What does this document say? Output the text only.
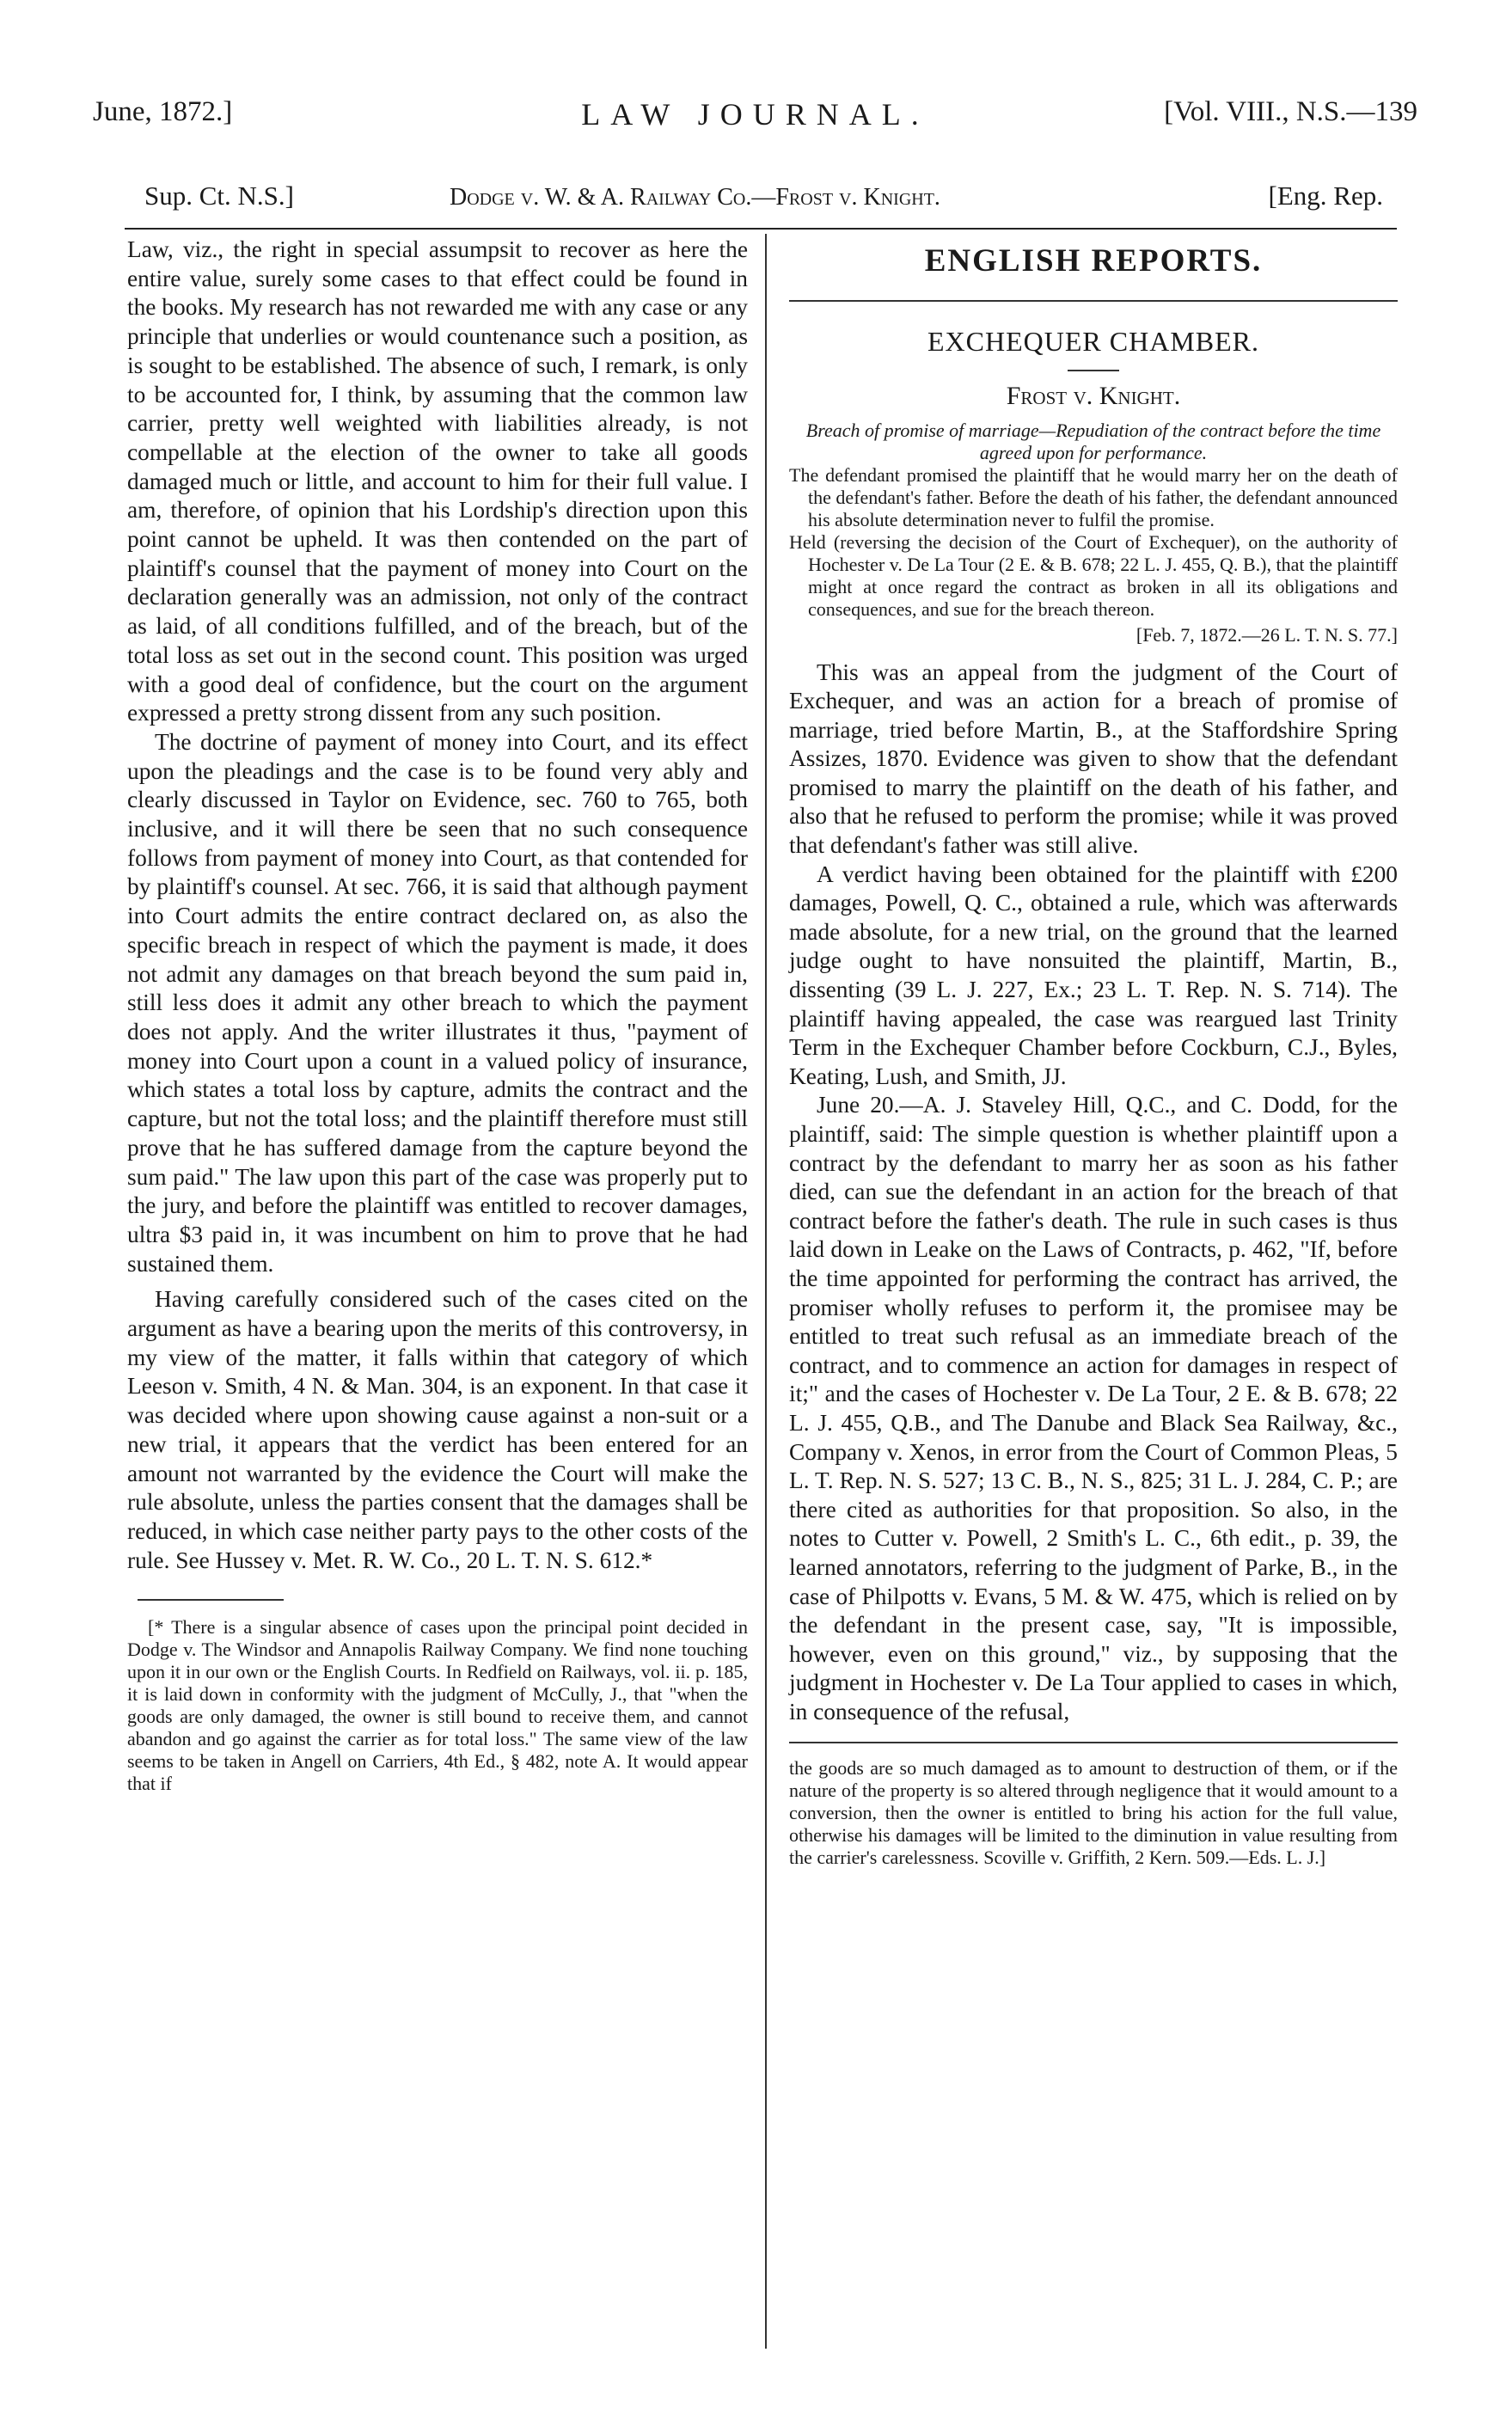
June, 1872.]	LAW JOURNAL.	[Vol. VIII., N.S.—139
Sup. Ct. N.S.]	Dodge v. W. & A. Railway Co.—Frost v. Knight.	[Eng. Rep.

Law, viz., the right in special assumpsit to recover as here the entire value, surely some cases to that effect could be found in the books. My research has not rewarded me with any case or any principle that underlies or would countenance such a position, as is sought to be established. The absence of such, I remark, is only to be accounted for, I think, by assuming that the common law carrier, pretty well weighted with liabilities already, is not compellable at the election of the owner to take all goods damaged much or little, and account to him for their full value. I am, therefore, of opinion that his Lordship's direction upon this point cannot be upheld. It was then contended on the part of plaintiff's counsel that the payment of money into Court on the declaration generally was an admission, not only of the contract as laid, of all conditions fulfilled, and of the breach, but of the total loss as set out in the second count. This position was urged with a good deal of confidence, but the court on the argument expressed a pretty strong dissent from any such position.

The doctrine of payment of money into Court, and its effect upon the pleadings and the case is to be found very ably and clearly discussed in Taylor on Evidence, sec. 760 to 765, both inclusive, and it will there be seen that no such consequence follows from payment of money into Court, as that contended for by plaintiff's counsel. At sec. 766, it is said that although payment into Court admits the entire contract declared on, as also the specific breach in respect of which the payment is made, it does not admit any damages on that breach beyond the sum paid in, still less does it admit any other breach to which the payment does not apply. And the writer illustrates it thus, "payment of money into Court upon a count in a valued policy of insurance, which states a total loss by capture, admits the contract and the capture, but not the total loss; and the plaintiff therefore must still prove that he has suffered damage from the capture beyond the sum paid." The law upon this part of the case was properly put to the jury, and before the plaintiff was entitled to recover damages, ultra $3 paid in, it was incumbent on him to prove that he had sustained them.

Having carefully considered such of the cases cited on the argument as have a bearing upon the merits of this controversy, in my view of the matter, it falls within that category of which Leeson v. Smith, 4 N. & Man. 304, is an exponent. In that case it was decided where upon showing cause against a non-suit or a new trial, it appears that the verdict has been entered for an amount not warranted by the evidence the Court will make the rule absolute, unless the parties consent that the damages shall be reduced, in which case neither party pays to the other costs of the rule. See Hussey v. Met. R. W. Co., 20 L. T. N. S. 612.*

[* There is a singular absence of cases upon the principal point decided in Dodge v. The Windsor and Annapolis Railway Company. We find none touching upon it in our own or the English Courts. In Redfield on Railways, vol. ii. p. 185, it is laid down in conformity with the judgment of McCully, J., that "when the goods are only damaged, the owner is still bound to receive them, and cannot abandon and go against the carrier as for total loss." The same view of the law seems to be taken in Angell on Carriers, 4th Ed., § 482, note A. It would appear that if

ENGLISH REPORTS.

EXCHEQUER CHAMBER.

Frost v. Knight.

Breach of promise of marriage—Repudiation of the contract before the time agreed upon for performance.

The defendant promised the plaintiff that he would marry her on the death of the defendant's father. Before the death of his father, the defendant announced his absolute determination never to fulfil the promise.

Held (reversing the decision of the Court of Exchequer), on the authority of Hochester v. De La Tour (2 E. & B. 678; 22 L. J. 455, Q. B.), that the plaintiff might at once regard the contract as broken in all its obligations and consequences, and sue for the breach thereon.

[Feb. 7, 1872.—26 L. T. N. S. 77.]

This was an appeal from the judgment of the Court of Exchequer, and was an action for a breach of promise of marriage, tried before Martin, B., at the Staffordshire Spring Assizes, 1870. Evidence was given to show that the defendant promised to marry the plaintiff on the death of his father, and also that he refused to perform the promise; while it was proved that defendant's father was still alive.

A verdict having been obtained for the plaintiff with £200 damages, Powell, Q. C., obtained a rule, which was afterwards made absolute, for a new trial, on the ground that the learned judge ought to have nonsuited the plaintiff, Martin, B., dissenting (39 L. J. 227, Ex.; 23 L. T. Rep. N. S. 714). The plaintiff having appealed, the case was reargued last Trinity Term in the Exchequer Chamber before Cockburn, C.J., Byles, Keating, Lush, and Smith, JJ.

June 20.—A. J. Staveley Hill, Q.C., and C. Dodd, for the plaintiff, said: The simple question is whether plaintiff upon a contract by the defendant to marry her as soon as his father died, can sue the defendant in an action for the breach of that contract before the father's death. The rule in such cases is thus laid down in Leake on the Laws of Contracts, p. 462, "If, before the time appointed for performing the contract has arrived, the promiser wholly refuses to perform it, the promisee may be entitled to treat such refusal as an immediate breach of the contract, and to commence an action for damages in respect of it;" and the cases of Hochester v. De La Tour, 2 E. & B. 678; 22 L. J. 455, Q.B., and The Danube and Black Sea Railway, &c., Company v. Xenos, in error from the Court of Common Pleas, 5 L. T. Rep. N. S. 527; 13 C. B., N. S., 825; 31 L. J. 284, C. P.; are there cited as authorities for that proposition. So also, in the notes to Cutter v. Powell, 2 Smith's L. C., 6th edit., p. 39, the learned annotators, referring to the judgment of Parke, B., in the case of Philpotts v. Evans, 5 M. & W. 475, which is relied on by the defendant in the present case, say, "It is impossible, however, even on this ground," viz., by supposing that the judgment in Hochester v. De La Tour applied to cases in which, in consequence of the refusal,

the goods are so much damaged as to amount to destruction of them, or if the nature of the property is so altered through negligence that it would amount to a conversion, then the owner is entitled to bring his action for the full value, otherwise his damages will be limited to the diminution in value resulting from the carrier's carelessness. Scoville v. Griffith, 2 Kern. 509.—Eds. L. J.]
